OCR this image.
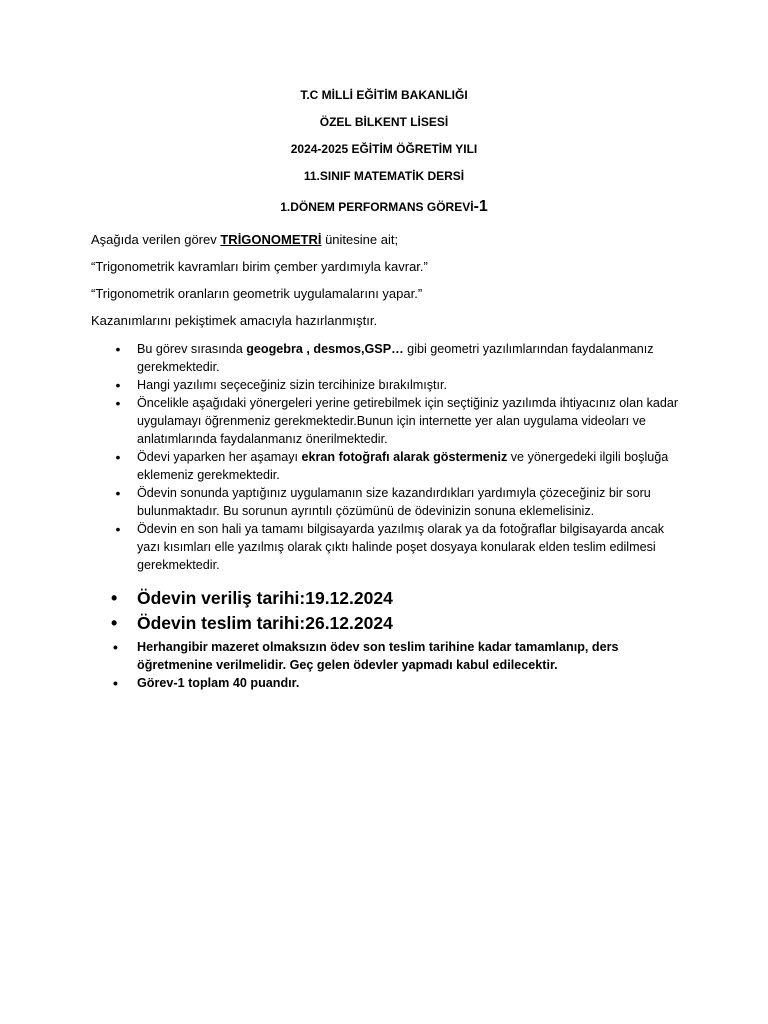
T.C MİLLİ EĞİTİM BAKANLIĞI
ÖZEL BİLKENT LİSESİ
2024-2025 EĞİTİM ÖĞRETİM YILI
11.SINIF MATEMATİK DERSİ
1.DÖNEM PERFORMANS GÖREVİ-1
Aşağıda verilen görev TRİGONOMETRİ ünitesine ait;
“Trigonometrik kavramları birim çember yardımıyla kavrar.”
“Trigonometrik oranların geometrik uygulamalarını yapar.”
Kazanımlarını pekiştimek amacıyla hazırlanmıştır.
• Bu görev sırasında geogebra , desmos,GSP… gibi geometri yazılımlarından faydalanmanız gerekmektedir.
• Hangi yazılımı seçeceğiniz sizin tercihinize bırakılmıştır.
• Öncelikle aşağıdaki yönergeleri yerine getirebilmek için seçtiğiniz yazılımda ihtiyacınız olan kadar uygulamayı öğrenmeniz gerekmektedir.Bunun için internette yer alan uygulama videoları ve anlatımlarında faydalanmanız önerilmektedir.
• Ödevi yaparken her aşamayı ekran fotoğrafı alarak göstermeniz ve yönergedeki ilgili boşluğa eklemeniz gerekmektedir.
• Ödevin sonunda yaptığınız uygulamanın size kazandırdıkları yardımıyla çözeceğiniz bir soru bulunmaktadır. Bu sorunun ayrıntılı çözümünü de ödevinizin sonuna eklemelisiniz.
• Ödevin en son hali ya tamamı bilgisayarda yazılmış olarak ya da fotoğraflar bilgisayarda ancak yazı kısımları elle yazılmış olarak çıktı halinde poşet dosyaya konularak elden teslim edilmesi gerekmektedir.
• Ödevin veriliş tarihi:19.12.2024
• Ödevin teslim tarihi:26.12.2024
• Herhangibir mazeret olmaksızın ödev son teslim tarihine kadar tamamlanıp, ders öğretmenine verilmelidir. Geç gelen ödevler yapmadı kabul edilecektir.
• Görev-1 toplam 40 puandır.
